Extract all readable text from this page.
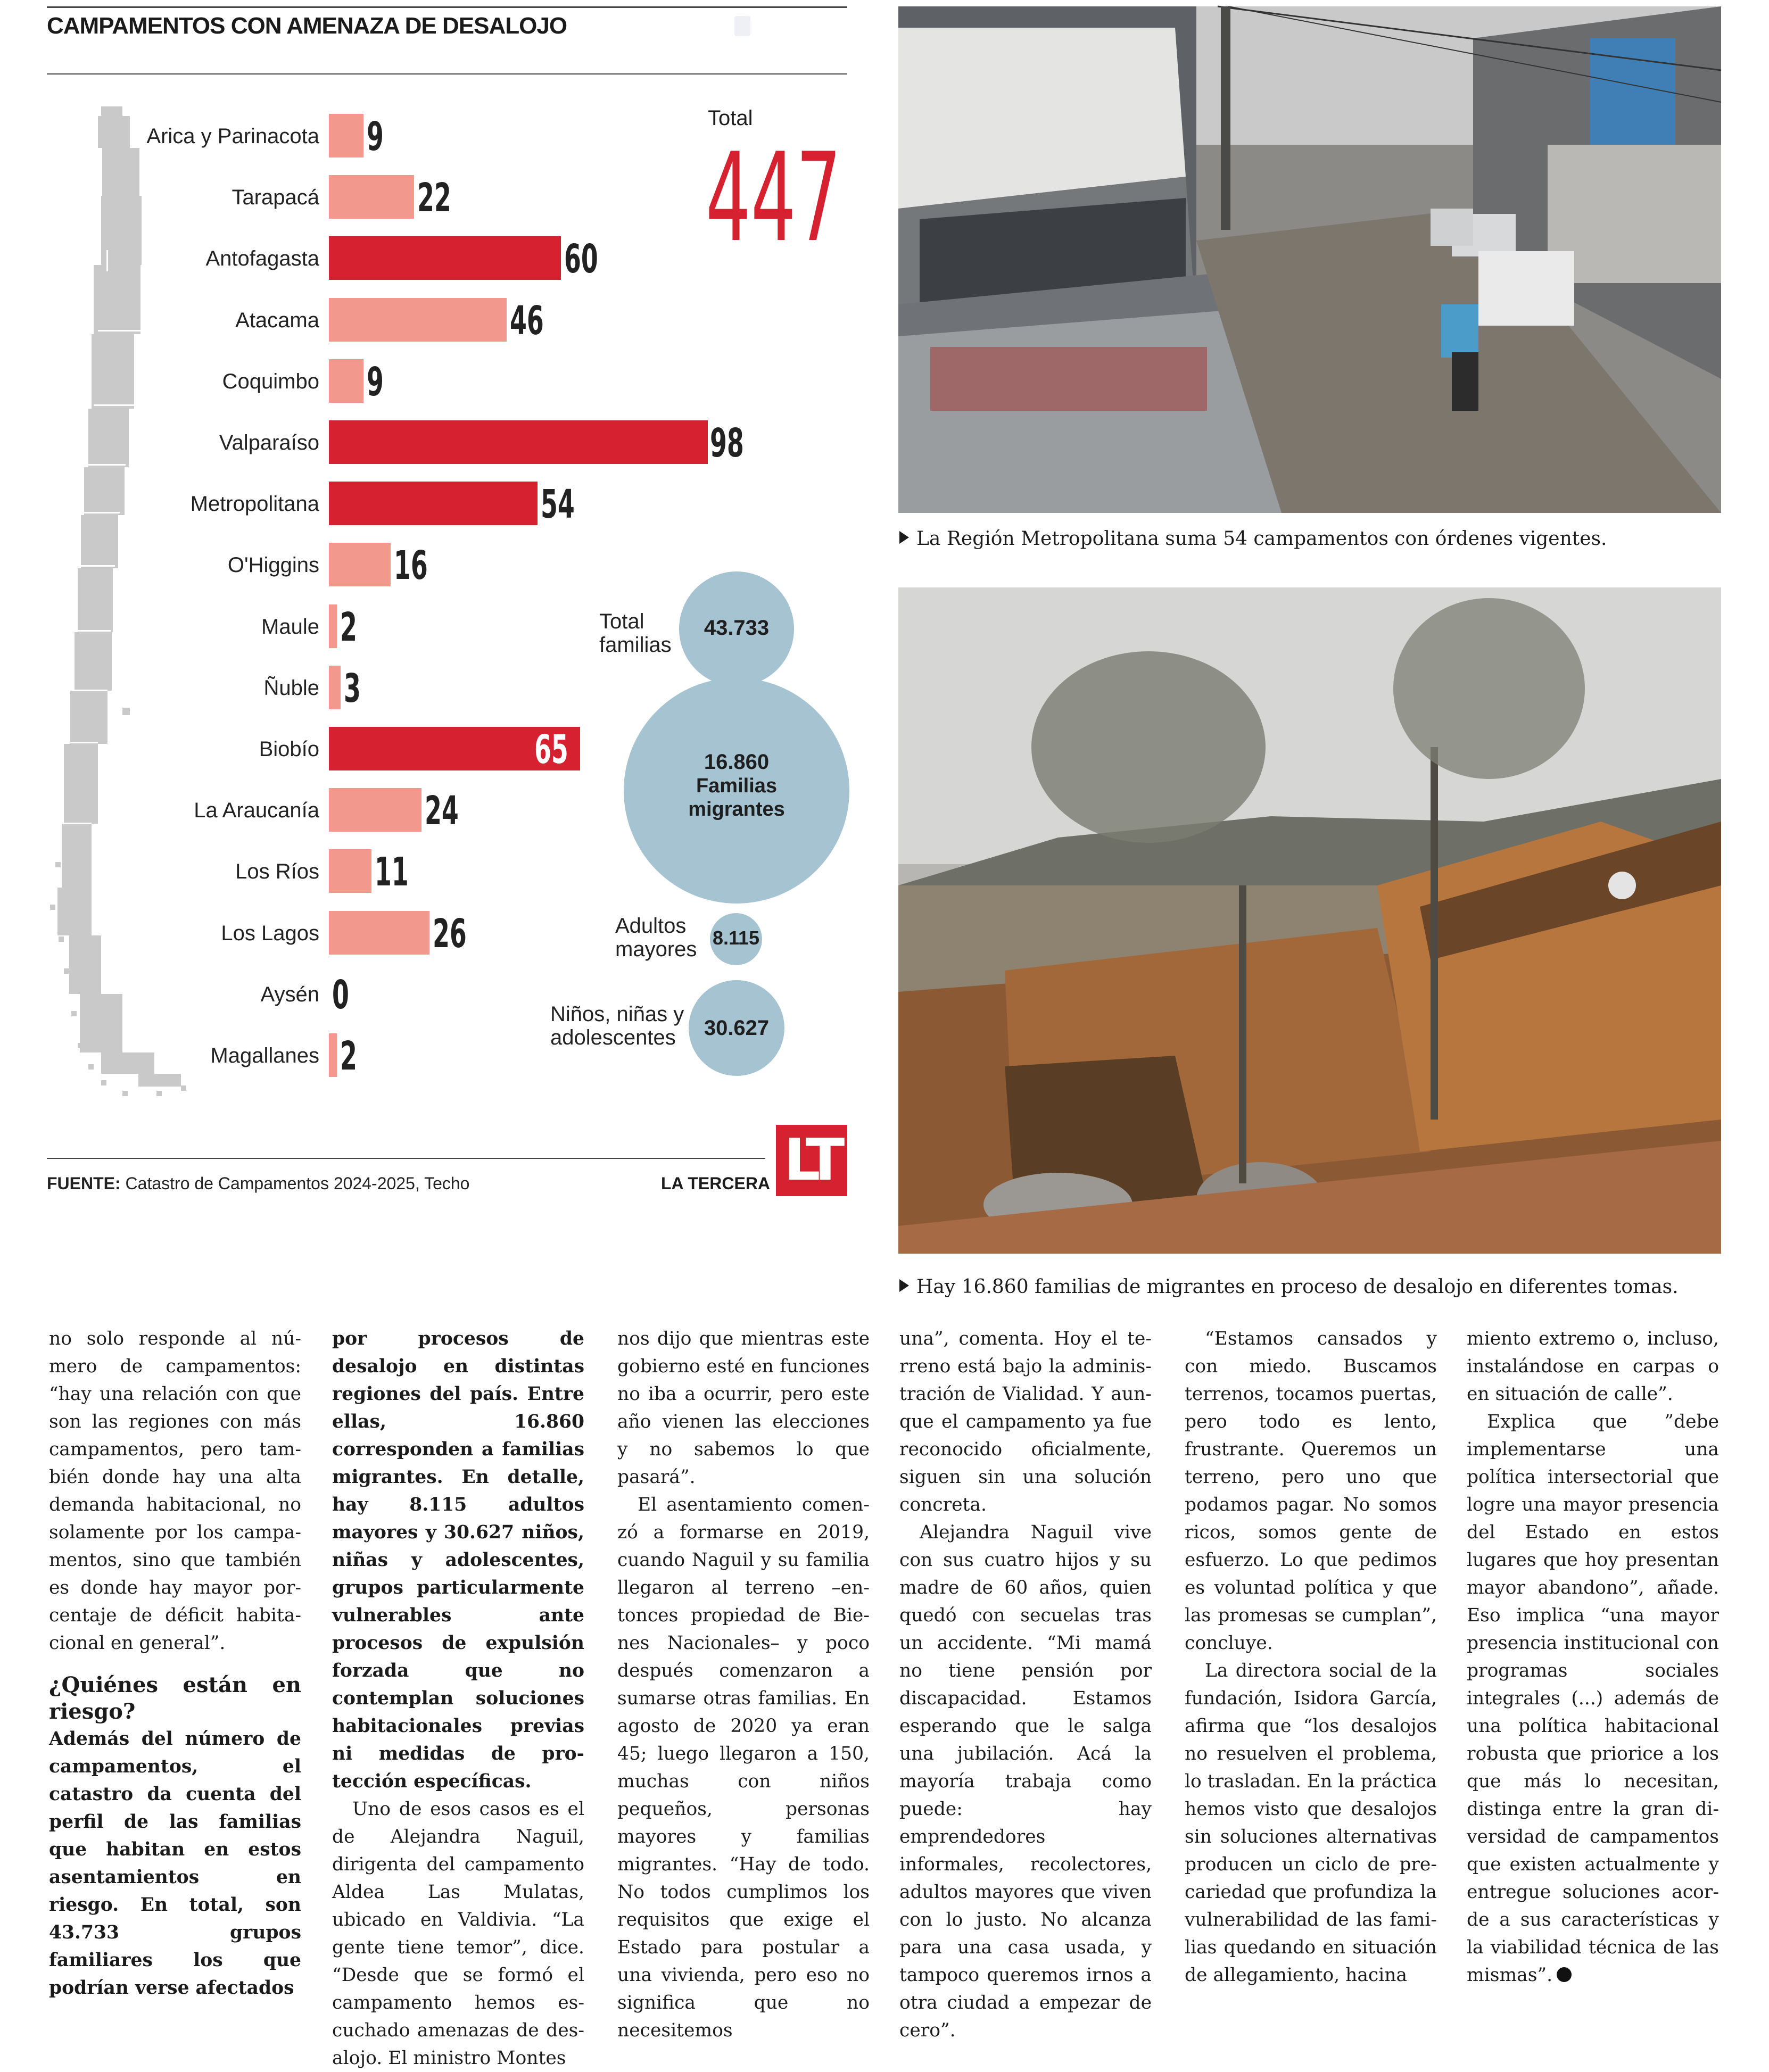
CAMPAMENTOS CON AMENAZA DE DESALOJO
Arica y Parinacota 9
Tarapacá 22
Antofagasta	60
Atacama	46
Coquimbo 9
Valparaíso	98
Metropolitana	54
O'Higgins 16
Maule 2
Ñuble 3
Biobío	65
La Araucanía	24
Los Ríos 11
Los Lagos	26
Aysén 0
Magallanes 2
Total
447
43.733
Total
familias
16.860
Familias
migrantes
8.115
Adultos
mayores
30.627
Niños, niñas y
adolescentes
FUENTE: Catastro de Campamentos 2024-2025, Techo	LA TERCERA LT
La Región Metropolitana suma 54 campamentos con órdenes vigentes.
Hay 16.860 familias de migrantes en proceso de desalojo en diferentes tomas.

no solo responde al número de campamentos: “hay una relación con que son las regiones con más campamentos, pero también donde hay una alta demanda habitacional, no solamente por los campamentos, sino que también es donde hay mayor porcentaje de déficit habitacional en general”.

¿Quiénes están en riesgo?

Además del número de campamentos, el catastro da cuenta del perfil de las familias que habitan en estos asentamientos en riesgo. En total, son 43.733 grupos familiares los que podrían verse afectados

por procesos de desalojo en distintas regiones del país. Entre ellas, 16.860 corresponden a familias migrantes. En detalle, hay 8.115 adultos mayores y 30.627 niños, niñas y adolescentes, grupos particularmente vulnerables ante procesos de expulsión forzada que no contemplan soluciones habitacionales previas ni medidas de protección específicas.

Uno de esos casos es el de Alejandra Naguil, dirigenta del campamento Aldea Las Mulatas, ubicado en Valdivia. “La gente tiene temor”, dice. “Desde que se formó el campamento hemos escuchado amenazas de desalojo. El ministro Montes

nos dijo que mientras este gobierno esté en funciones no iba a ocurrir, pero este año vienen las elecciones y no sabemos lo que pasará”.

El asentamiento comenzó a formarse en 2019, cuando Naguil y su familia llegaron al terreno –entonces propiedad de Bienes Nacionales– y poco después comenzaron a sumarse otras familias. En agosto de 2020 ya eran 45; luego llegaron a 150, muchas con niños pequeños, personas mayores y familias migrantes. “Hay de todo. No todos cumplimos los requisitos que exige el Estado para postular a una vivienda, pero eso no significa que no necesitemos

una”, comenta. Hoy el terreno está bajo la administración de Vialidad. Y aunque el campamento ya fue reconocido oficialmente, siguen sin una solución concreta.

Alejandra Naguil vive con sus cuatro hijos y su madre de 60 años, quien quedó con secuelas tras un accidente. “Mi mamá no tiene pensión por discapacidad. Estamos esperando que le salga una jubilación. Acá la mayoría trabaja como puede: hay emprendedores informales, recolectores, adultos mayores que viven con lo justo. No alcanza para una casa usada, y tampoco queremos irnos a otra ciudad a empezar de cero”.

“Estamos cansados y con miedo. Buscamos terrenos, tocamos puertas, pero todo es lento, frustrante. Queremos un terreno, pero uno que podamos pagar. No somos ricos, somos gente de esfuerzo. Lo que pedimos es voluntad política y que las promesas se cumplan”, concluye.

La directora social de la fundación, Isidora García, afirma que “los desalojos no resuelven el problema, lo trasladan. En la práctica hemos visto que desalojos sin soluciones alternativas producen un ciclo de precariedad que profundiza la vulnerabilidad de las familias quedando en situación de allegamiento, hacina

miento extremo o, incluso, instalándose en carpas o en situación de calle”.

Explica que ”debe implementarse una política intersectorial que logre una mayor presencia del Estado en estos lugares que hoy presentan mayor abandono”, añade. Eso implica “una mayor presencia institucional con programas sociales integrales (...) además de una política habitacional robusta que priorice a los que más lo necesitan, distinga entre la gran diversidad de campamentos que existen actualmente y entregue soluciones acorde a sus características y la viabilidad técnica de las mismas”.
